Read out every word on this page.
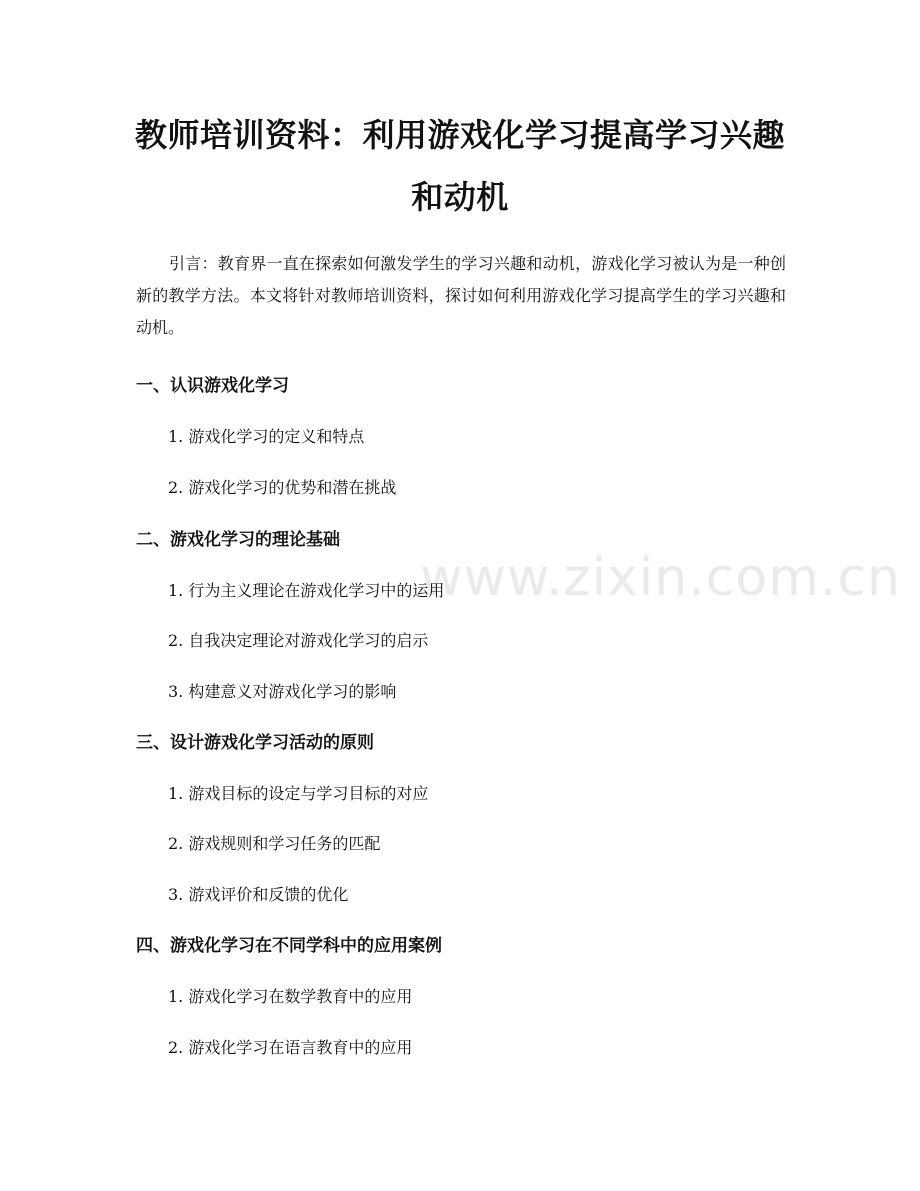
www.zixin.com.cn
教师培训资料：利用游戏化学习提高学习兴趣和动机

引言：教育界一直在探索如何激发学生的学习兴趣和动机，游戏化学习被认为是一种创新的教学方法。本文将针对教师培训资料，探讨如何利用游戏化学习提高学生的学习兴趣和动机。

一、认识游戏化学习
1. 游戏化学习的定义和特点
2. 游戏化学习的优势和潜在挑战
二、游戏化学习的理论基础
1. 行为主义理论在游戏化学习中的运用
2. 自我决定理论对游戏化学习的启示
3. 构建意义对游戏化学习的影响
三、设计游戏化学习活动的原则
1. 游戏目标的设定与学习目标的对应
2. 游戏规则和学习任务的匹配
3. 游戏评价和反馈的优化
四、游戏化学习在不同学科中的应用案例
1. 游戏化学习在数学教育中的应用
2. 游戏化学习在语言教育中的应用
